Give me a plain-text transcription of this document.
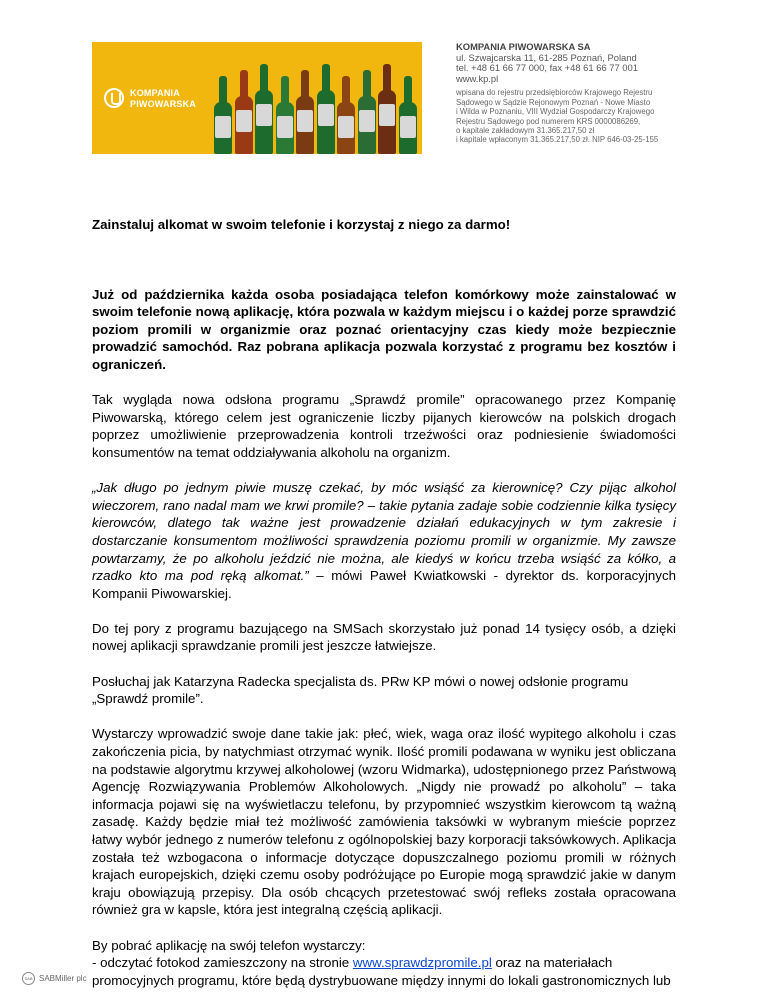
KOMPANIA
PIWOWARSKA
KOMPANIA PIWOWARSKA SA
ul. Szwajcarska 11, 61-285 Poznań, Poland
tel. +48 61 66 77 000, fax +48 61 66 77 001
www.kp.pl
wpisana do rejestru przedsiębiorców Krajowego Rejestru
Sądowego w Sądzie Rejonowym Poznań - Nowe Miasto
i Wilda w Poznaniu, VIII Wydział Gospodarczy Krajowego
Rejestru Sądowego pod numerem KRS 0000086269,
o kapitale zakładowym 31.365.217,50 zł
i kapitale wpłaconym 31.365.217,50 zł. NIP 646-03-25-155

Zainstaluj alkomat w swoim telefonie i korzystaj z niego za darmo!

Już od października każda osoba posiadająca telefon komórkowy może zainstalować w swoim telefonie nową aplikację, która pozwala w każdym miejscu i o każdej porze sprawdzić poziom promili w organizmie oraz poznać orientacyjny czas kiedy może bezpiecznie prowadzić samochód. Raz pobrana aplikacja pozwala korzystać z programu bez kosztów i ograniczeń.

Tak wygląda nowa odsłona programu „Sprawdź promile” opracowanego przez Kompanię Piwowarską, którego celem jest ograniczenie liczby pijanych kierowców na polskich drogach poprzez umożliwienie przeprowadzenia kontroli trzeźwości oraz podniesienie świadomości konsumentów na temat oddziaływania alkoholu na organizm.

„Jak długo po jednym piwie muszę czekać, by móc wsiąść za kierownicę? Czy pijąc alkohol wieczorem, rano nadal mam we krwi promile? – takie pytania zadaje sobie codziennie kilka tysięcy kierowców, dlatego tak ważne jest prowadzenie działań edukacyjnych w tym zakresie i dostarczanie konsumentom możliwości sprawdzenia poziomu promili w organizmie. My zawsze powtarzamy, że po alkoholu jeździć nie można, ale kiedyś w końcu trzeba wsiąść za kółko, a rzadko kto ma pod ręką alkomat.” – mówi Paweł Kwiatkowski - dyrektor ds. korporacyjnych Kompanii Piwowarskiej.

Do tej pory z programu bazującego na SMSach skorzystało już ponad 14 tysięcy osób, a dzięki nowej aplikacji sprawdzanie promili jest jeszcze łatwiejsze.

Posłuchaj jak Katarzyna Radecka specjalista ds. PRw KP mówi o nowej odsłonie programu „Sprawdź promile”.

Wystarczy wprowadzić swoje dane takie jak: płeć, wiek, waga oraz ilość wypitego alkoholu i czas zakończenia picia, by natychmiast otrzymać wynik. Ilość promili podawana w wyniku jest obliczana na podstawie algorytmu krzywej alkoholowej (wzoru Widmarka), udostępnionego przez Państwową Agencję Rozwiązywania Problemów Alkoholowych. „Nigdy nie prowadź po alkoholu” – taka informacja pojawi się na wyświetlaczu telefonu, by przypomnieć wszystkim kierowcom tą ważną zasadę. Każdy będzie miał też możliwość zamówienia taksówki w wybranym mieście poprzez łatwy wybór jednego z numerów telefonu z ogólnopolskiej bazy korporacji taksówkowych. Aplikacja została też wzbogacona o informacje dotyczące dopuszczalnego poziomu promili w różnych krajach europejskich, dzięki czemu osoby podróżujące po Europie mogą sprawdzić jakie w danym kraju obowiązują przepisy. Dla osób chcących przetestować swój refleks została opracowana również gra w kapsle, która jest integralną częścią aplikacji.

By pobrać aplikację na swój telefon wystarczy:
- odczytać fotokod zamieszczony na stronie www.sprawdzpromile.pl oraz na materiałach promocyjnych programu, które będą dystrybuowane między innymi do lokali gastronomicznych lub

SAB SABMiller plc
